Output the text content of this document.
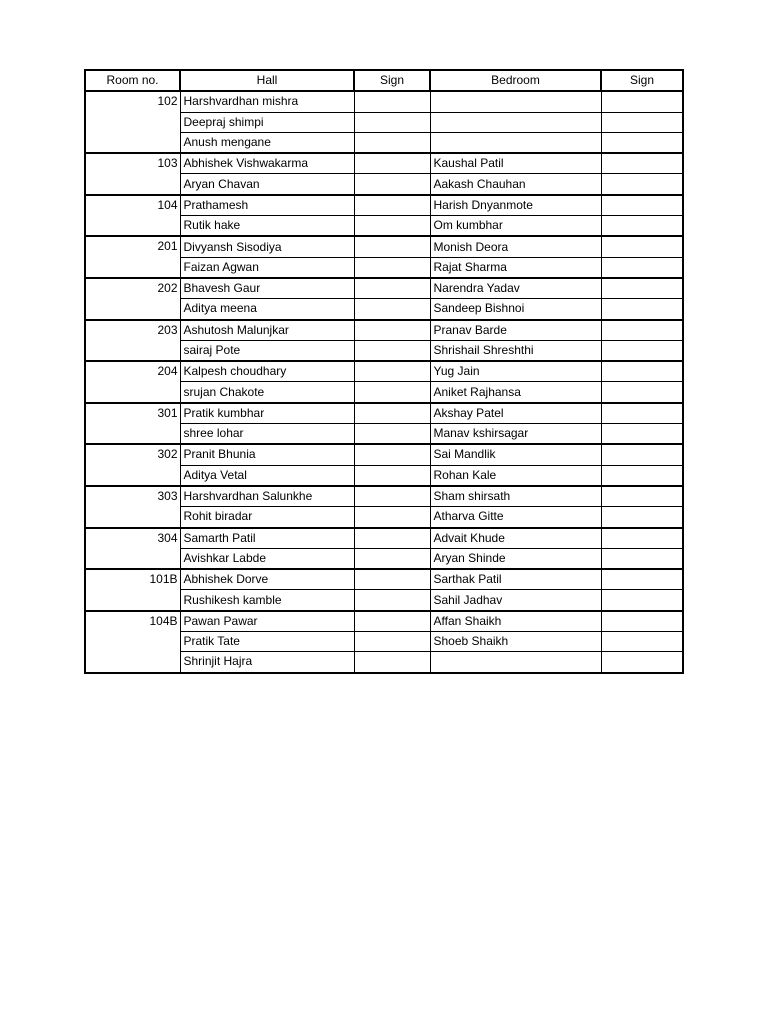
Room no.	Hall	Sign	Bedroom	Sign
102	Harshvardhan mishra			
	Deepraj shimpi			
	Anush mengane			
103	Abhishek Vishwakarma		Kaushal Patil	
	Aryan Chavan		Aakash Chauhan	
104	Prathamesh		Harish Dnyanmote	
	Rutik hake		Om kumbhar	
201	Divyansh Sisodiya		Monish Deora	
	Faizan Agwan		Rajat Sharma	
202	Bhavesh Gaur		Narendra Yadav	
	Aditya meena		Sandeep Bishnoi	
203	Ashutosh Malunjkar		Pranav Barde	
	sairaj Pote		Shrishail Shreshthi	
204	Kalpesh choudhary		Yug Jain	
	srujan Chakote		Aniket Rajhansa	
301	Pratik kumbhar		Akshay Patel	
	shree lohar		Manav kshirsagar	
302	Pranit Bhunia		Sai Mandlik	
	Aditya Vetal		Rohan Kale	
303	Harshvardhan Salunkhe		Sham shirsath	
	Rohit biradar		Atharva Gitte	
304	Samarth Patil		Advait Khude	
	Avishkar Labde		Aryan Shinde	
101B	Abhishek Dorve		Sarthak Patil	
	Rushikesh kamble		Sahil Jadhav	
104B	Pawan Pawar		Affan Shaikh	
	Pratik Tate		Shoeb Shaikh	
	Shrinjit Hajra			
